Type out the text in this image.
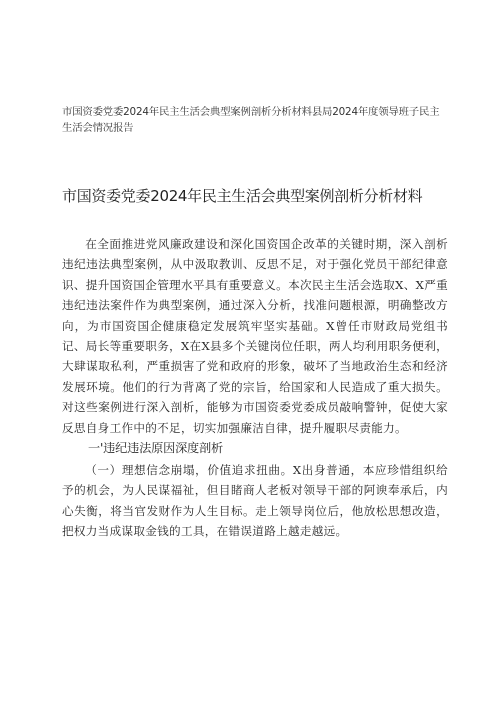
市国资委党委2024年民主生活会典型案例剖析分析材料县局2024年度领导班子民主生活会情况报告
市国资委党委2024年民主生活会典型案例剖析分析材料

在全面推进党风廉政建设和深化国资国企改革的关键时期，深入剖析违纪违法典型案例，从中汲取教训、反思不足，对于强化党员干部纪律意识、提升国资国企管理水平具有重要意义。本次民主生活会选取X、X严重违纪违法案件作为典型案例，通过深入分析，找准问题根源，明确整改方向，为市国资国企健康稳定发展筑牢坚实基础。X曾任市财政局党组书记、局长等重要职务，X在X县多个关键岗位任职，两人均利用职务便利，大肆谋取私利，严重损害了党和政府的形象，破坏了当地政治生态和经济发展环境。他们的行为背离了党的宗旨，给国家和人民造成了重大损失。对这些案例进行深入剖析，能够为市国资委党委成员敲响警钟，促使大家反思自身工作中的不足，切实加强廉洁自律，提升履职尽责能力。

一'违纪违法原因深度剖析

（一）理想信念崩塌，价值追求扭曲。X出身普通，本应珍惜组织给予的机会，为人民谋福祉，但目睹商人老板对领导干部的阿谀奉承后，内心失衡，将当官发财作为人生目标。走上领导岗位后，他放松思想改造，把权力当成谋取金钱的工具，在错误道路上越走越远。
